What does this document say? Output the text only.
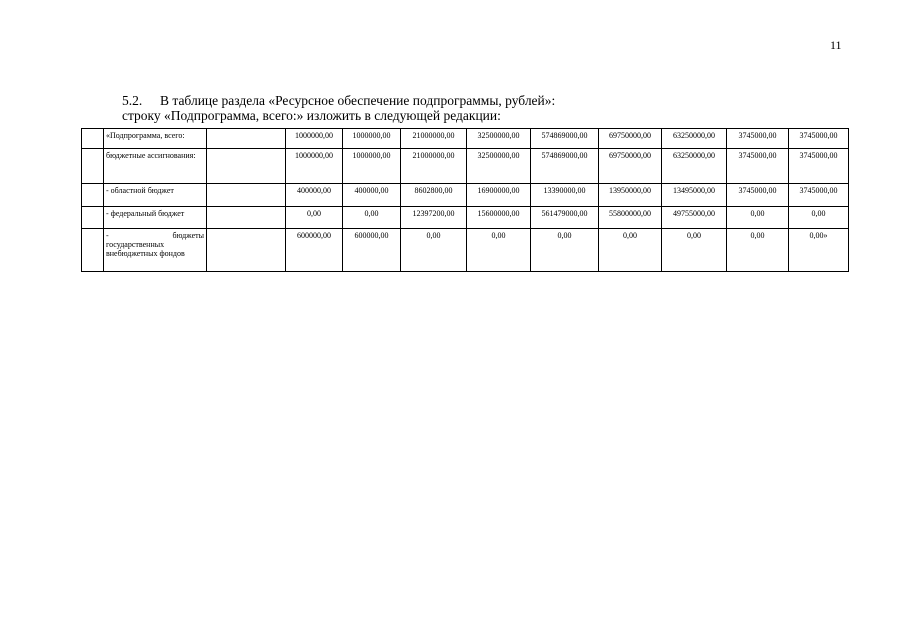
11
5.2. В таблице раздела «Ресурсное обеспечение подпрограммы, рублей»:
строку «Подпрограмма, всего:» изложить в следующей редакции:
	«Подпрограмма, всего:		1000000,00	1000000,00	21000000,00	32500000,00	574869000,00	69750000,00	63250000,00	3745000,00	3745000,00
	бюджетные ассигнования:		1000000,00	1000000,00	21000000,00	32500000,00	574869000,00	69750000,00	63250000,00	3745000,00	3745000,00
	- областной бюджет		400000,00	400000,00	8602800,00	16900000,00	13390000,00	13950000,00	13495000,00	3745000,00	3745000,00
	- федеральный бюджет		0,00	0,00	12397200,00	15600000,00	561479000,00	55800000,00	49755000,00	0,00	0,00

	- бюджеты
государственных внебюджетных фондов		600000,00	600000,00	0,00	0,00	0,00	0,00	0,00	0,00	0,00»
